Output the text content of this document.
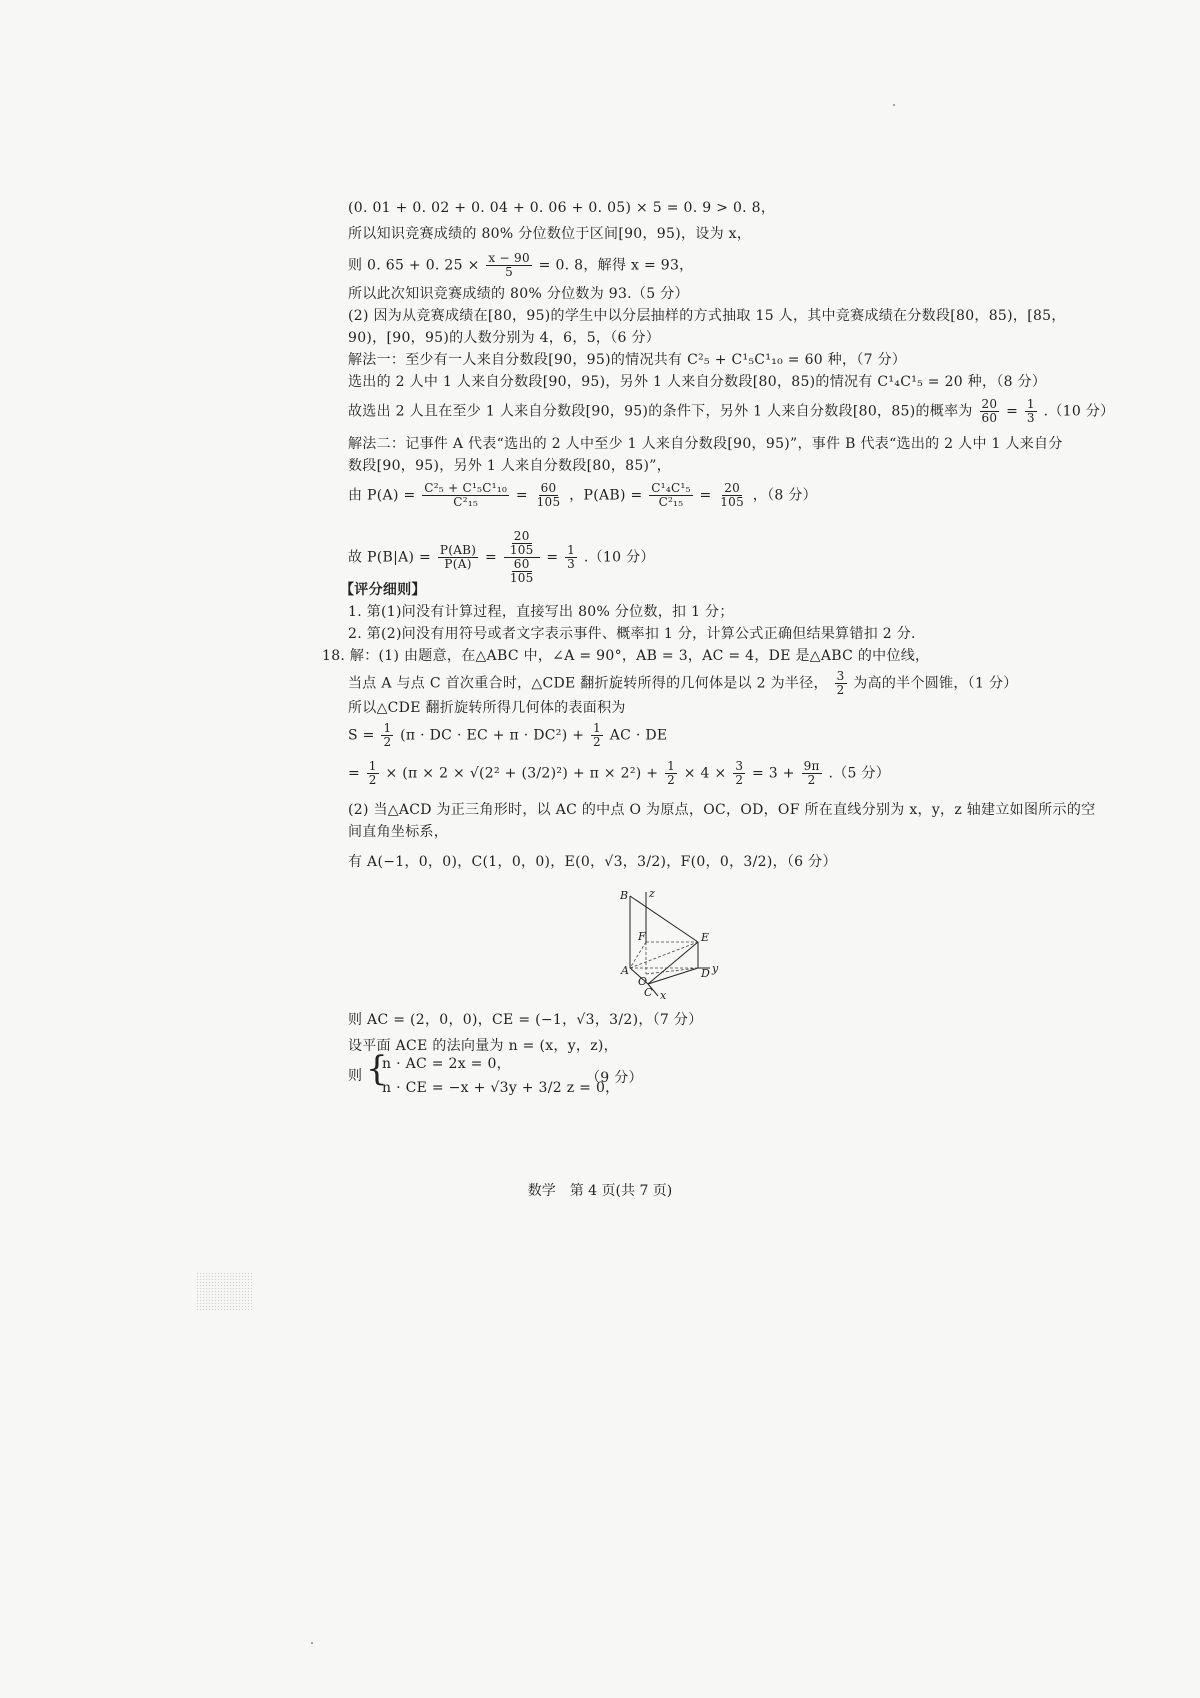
(0. 01 + 0. 02 + 0. 04 + 0. 06 + 0. 05) × 5 = 0. 9 > 0. 8，
所以知识竞赛成绩的 80% 分位数位于区间[90，95)，设为 x，
则 0. 65 + 0. $25 \times \frac{x - 90}{5} = 0$. 8，解得 x = 93，
所以此次知识竞赛成绩的 80% 分位数为 93.（5 分）
(2) 因为从竞赛成绩在[80，95)的学生中以分层抽样的方式抽取 15 人，其中竞赛成绩在分数段[80，85)，[85，
90)，[90，95)的人数分别为 4，6，5，（6 分）
解法一：至少有一人来自分数段[90，95)的情况共有 C²₅ + C¹₅C¹₁₀ = 60 种，（7 分）
选出的 2 人中 1 人来自分数段[90，95)，另外 1 人来自分数段[80，85)的情况有 C¹₄C¹₅ = 20 种，（8 分）
故选出 2 人且在至少 1 人来自分数段[90，95)的条件下，另外 1 人来自分数段[80，85)的概率为 $\frac{20}{60} = \frac{1}{3} .(10$ 分）
解法二：记事件 A 代表“选出的 2 人中至少 1 人来自分数段[90，95)”，事件 B 代表“选出的 2 人中 1 人来自分
数段[90，95)，另外 1 人来自分数段[80，85)”，
由 $P(A) = \frac{\text{C²₅ + C¹₅C¹₁₀}}{\text{C²₁₅}} = \frac{60}{105}$ ，$P(AB) = \frac{\text{C¹₄C¹₅}}{\text{C²₁₅}} = \frac{20}{105}$ ，（8 分）
故 $P(B|A) = \frac{P(AB)}{P(A)} = \frac{\frac{20}{105}}{\frac{60}{105}} = \frac{1}{3} .(10$ 分）
【评分细则】
1. 第(1)问没有计算过程，直接写出 80% 分位数，扣 1 分；
2. 第(2)问没有用符号或者文字表示事件、概率扣 1 分，计算公式正确但结果算错扣 2 分.
18. 解：(1) 由题意，在△ABC 中，∠A = 90°，AB = 3，AC = 4，DE 是△ABC 的中位线，
当点 A 与点 C 首次重合时，△CDE 翻折旋转所得的几何体是以 2 为半径， $\frac{3}{2}$ 为高的半个圆锥，（1 分）
所以△CDE 翻折旋转所得几何体的表面积为
$S = \frac{1}{2} (\pi$ · DC · EC + $\pi \cdot DC^2) + \frac{1}{2}$ AC · DE
= $\frac{1}{2} \times (\pi \times 2 \times √(2^2 + (3/2)^2) + \pi \times 2^2) + \frac{1}{2} \times 4 \times \frac{3}{2} = 3 + \frac{9\pi}{2} .(5$ 分）
(2) 当△ACD 为正三角形时，以 AC 的中点 O 为原点，OC，OD，OF 所在直线分别为 x，y，z 轴建立如图所示的空
间直角坐标系，
有 A(−1，0，0)，C(1，0，0)，E(0，√3，3/2)，F(0，0，3/2)，（6 分）
B z
F	E
A
O
D y
C x
则 AC = (2，0，0)，CE = (−1，√3，3/2)，（7 分）
设平面 ACE 的法向量为 n = (x，y，z)，
则 {
n · AC = 2x = 0，
n · CE = −x + √3y + 3/2 z = 0，
（9 分）
数学　第 4 页(共 7 页)
